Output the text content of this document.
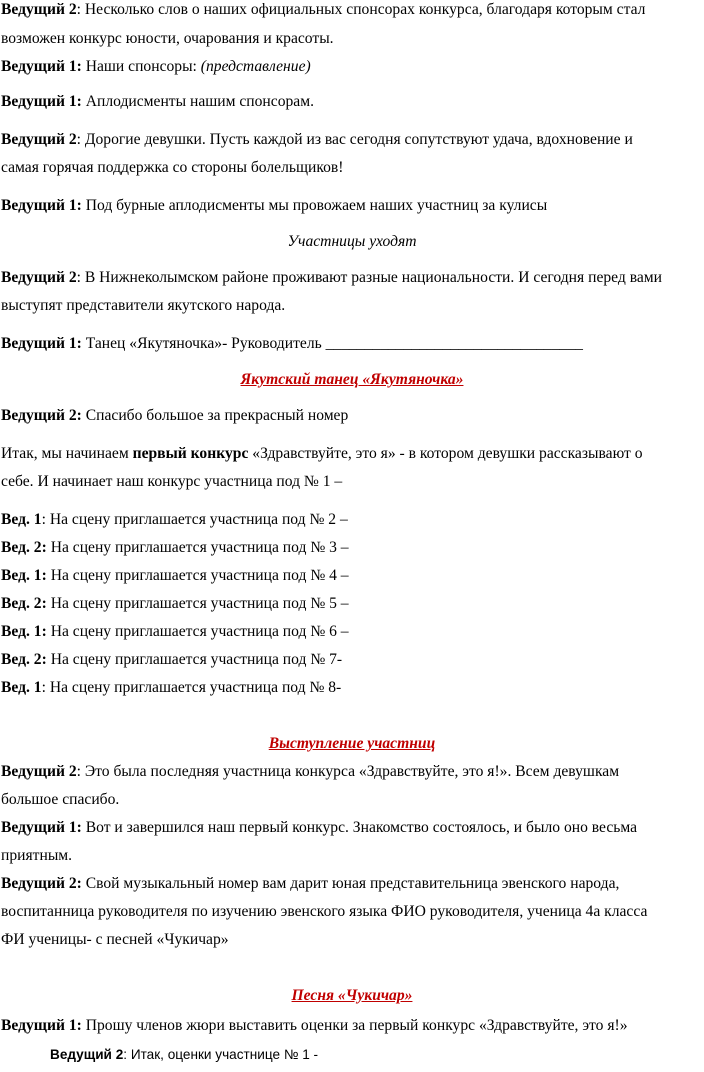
Ведущий 2: Несколько слов о наших официальных спонсорах конкурса, благодаря которым стал
возможен конкурс юности, очарования и красоты.
Ведущий 1: Наши спонсоры: (представление)
Ведущий 1: Аплодисменты нашим спонсорам.
Ведущий 2: Дорогие девушки. Пусть каждой из вас сегодня сопутствуют удача, вдохновение и
самая горячая поддержка со стороны болельщиков!
Ведущий 1: Под бурные аплодисменты мы провожаем наших участниц за кулисы
Участницы уходят
Ведущий 2: В Нижнеколымском районе проживают разные национальности. И сегодня перед вами
выступят представители якутского народа.
Ведущий 1: Танец «Якутяночка»- Руководитель _________________________________
Якутский танец «Якутяночка»
Ведущий 2: Спасибо большое за прекрасный номер
Итак, мы начинаем первый конкурс «Здравствуйте, это я» - в котором девушки рассказывают о
себе. И начинает наш конкурс участница под № 1 –
Вед. 1: На сцену приглашается участница под № 2 –
Вед. 2: На сцену приглашается участница под № 3 –
Вед. 1: На сцену приглашается участница под № 4 –
Вед. 2: На сцену приглашается участница под № 5 –
Вед. 1: На сцену приглашается участница под № 6 –
Вед. 2: На сцену приглашается участница под № 7-
Вед. 1: На сцену приглашается участница под № 8-
Выступление участниц
Ведущий 2: Это была последняя участница конкурса «Здравствуйте, это я!». Всем девушкам
большое спасибо.
Ведущий 1: Вот и завершился наш первый конкурс. Знакомство состоялось, и было оно весьма
приятным.
Ведущий 2: Свой музыкальный номер вам дарит юная представительница эвенского народа,
воспитанница руководителя по изучению эвенского языка ФИО руководителя, ученица 4а класса
ФИ ученицы- с песней «Чукичар»
Песня «Чукичар»
Ведущий 1: Прошу членов жюри выставить оценки за первый конкурс «Здравствуйте, это я!»
Ведущий 2: Итак, оценки участнице № 1 -
